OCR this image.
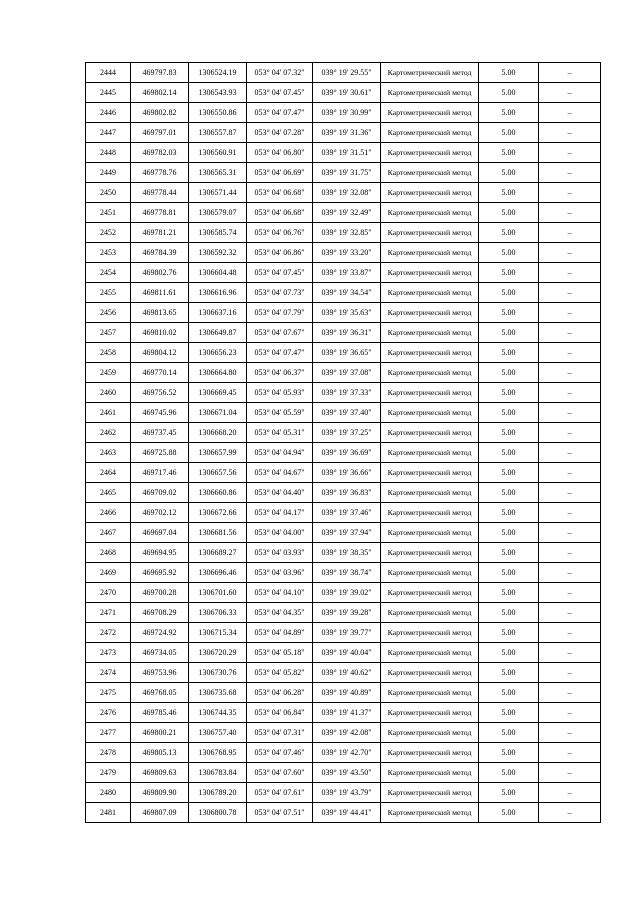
2444	469797.83	1306524.19	053° 04' 07.32"	039° 19' 29.55"	Картометрический метод	5.00	–
2445	469802.14	1306543.93	053° 04' 07.45"	039° 19' 30.61"	Картометрический метод	5.00	–
2446	469802.82	1306550.86	053° 04' 07.47"	039° 19' 30.99"	Картометрический метод	5.00	–
2447	469797.01	1306557.87	053° 04' 07.28"	039° 19' 31.36"	Картометрический метод	5.00	–
2448	469782.03	1306560.91	053° 04' 06.80"	039° 19' 31.51"	Картометрический метод	5.00	–
2449	469778.76	1306565.31	053° 04' 06.69"	039° 19' 31.75"	Картометрический метод	5.00	–
2450	469778.44	1306571.44	053° 04' 06.68"	039° 19' 32.08"	Картометрический метод	5.00	–
2451	469778.81	1306579.07	053° 04' 06.68"	039° 19' 32.49"	Картометрический метод	5.00	–
2452	469781.21	1306585.74	053° 04' 06.76"	039° 19' 32.85"	Картометрический метод	5.00	–
2453	469784.39	1306592.32	053° 04' 06.86"	039° 19' 33.20"	Картометрический метод	5.00	–
2454	469802.76	1306604.48	053° 04' 07.45"	039° 19' 33.87"	Картометрический метод	5.00	–
2455	469811.61	1306616.96	053° 04' 07.73"	039° 19' 34.54"	Картометрический метод	5.00	–
2456	469813.65	1306637.16	053° 04' 07.79"	039° 19' 35.63"	Картометрический метод	5.00	–
2457	469810.02	1306649.87	053° 04' 07.67"	039° 19' 36.31"	Картометрический метод	5.00	–
2458	469804.12	1306656.23	053° 04' 07.47"	039° 19' 36.65"	Картометрический метод	5.00	–
2459	469770.14	1306664.80	053° 04' 06.37"	039° 19' 37.08"	Картометрический метод	5.00	–
2460	469756.52	1306669.45	053° 04' 05.93"	039° 19' 37.33"	Картометрический метод	5.00	–
2461	469745.96	1306671.04	053° 04' 05.59"	039° 19' 37.40"	Картометрический метод	5.00	–
2462	469737.45	1306668.20	053° 04' 05.31"	039° 19' 37.25"	Картометрический метод	5.00	–
2463	469725.88	1306657.99	053° 04' 04.94"	039° 19' 36.69"	Картометрический метод	5.00	–
2464	469717.46	1306657.56	053° 04' 04.67"	039° 19' 36.66"	Картометрический метод	5.00	–
2465	469709.02	1306660.86	053° 04' 04.40"	039° 19' 36.83"	Картометрический метод	5.00	–
2466	469702.12	1306672.66	053° 04' 04.17"	039° 19' 37.46"	Картометрический метод	5.00	–
2467	469697.04	1306681.56	053° 04' 04.00"	039° 19' 37.94"	Картометрический метод	5.00	–
2468	469694.95	1306689.27	053° 04' 03.93"	039° 19' 38.35"	Картометрический метод	5.00	–
2469	469695.92	1306696.46	053° 04' 03.96"	039° 19' 38.74"	Картометрический метод	5.00	–
2470	469700.28	1306701.60	053° 04' 04.10"	039° 19' 39.02"	Картометрический метод	5.00	–
2471	469708.29	1306706.33	053° 04' 04.35"	039° 19' 39.28"	Картометрический метод	5.00	–
2472	469724.92	1306715.34	053° 04' 04.89"	039° 19' 39.77"	Картометрический метод	5.00	–
2473	469734.05	1306720.29	053° 04' 05.18"	039° 19' 40.04"	Картометрический метод	5.00	–
2474	469753.96	1306730.76	053° 04' 05.82"	039° 19' 40.62"	Картометрический метод	5.00	–
2475	469768.05	1306735.68	053° 04' 06.28"	039° 19' 40.89"	Картометрический метод	5.00	–
2476	469785.46	1306744.35	053° 04' 06.84"	039° 19' 41.37"	Картометрический метод	5.00	–
2477	469800.21	1306757.40	053° 04' 07.31"	039° 19' 42.08"	Картометрический метод	5.00	–
2478	469805.13	1306768.95	053° 04' 07.46"	039° 19' 42.70"	Картометрический метод	5.00	–
2479	469809.63	1306783.84	053° 04' 07.60"	039° 19' 43.50"	Картометрический метод	5.00	–
2480	469809.90	1306789.20	053° 04' 07.61"	039° 19' 43.79"	Картометрический метод	5.00	–
2481	469807.09	1306800.78	053° 04' 07.51"	039° 19' 44.41"	Картометрический метод	5.00	–
